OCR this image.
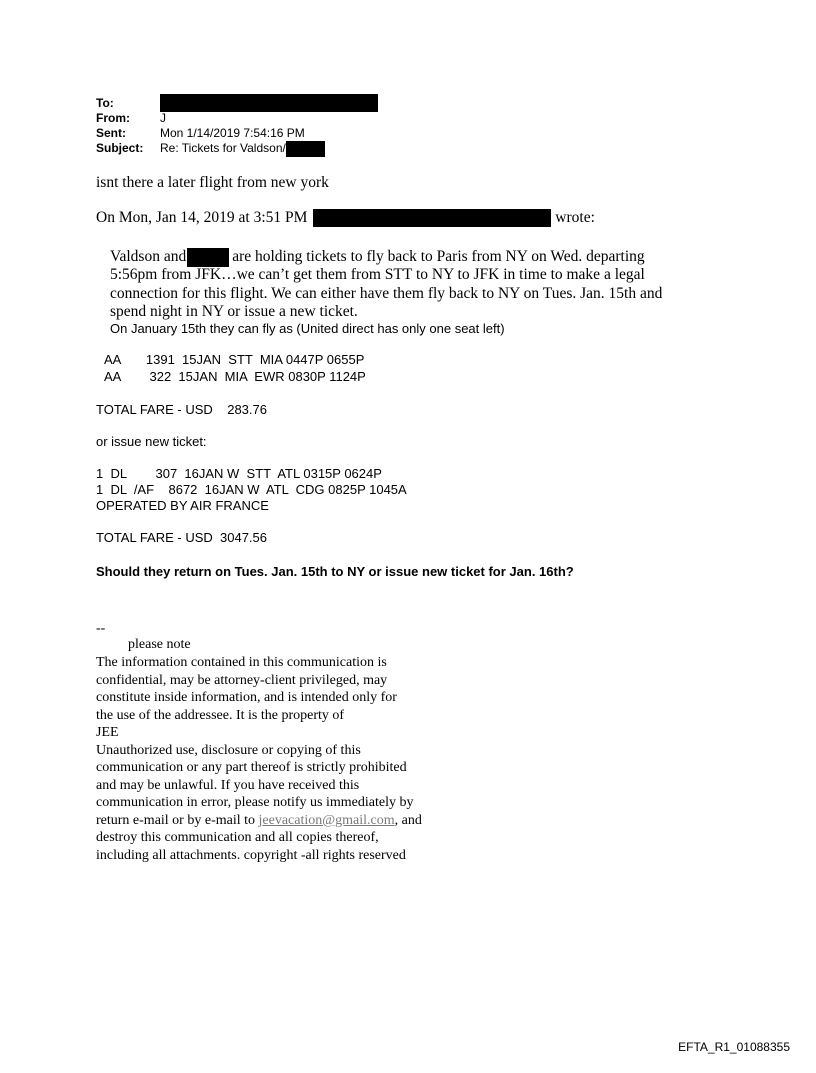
To:
From:	J
Sent:	Mon 1/14/2019 7:54:16 PM
Subject: Re: Tickets for Valdson/
isnt there a later flight from new york
On Mon, Jan 14, 2019 at 3:51 PM	wrote:
Valdson and	are holding tickets to fly back to Paris from NY on Wed. departing
5:56pm from JFK…we can’t get them from STT to NY to JFK in time to make a legal
connection for this flight. We can either have them fly back to NY on Tues. Jan. 15th and
spend night in NY or issue a new ticket.
On January 15th they can fly as (United direct has only one seat left)
AA       1391  15JAN  STT  MIA 0447P 0655P
AA        322  15JAN  MIA  EWR 0830P 1124P
TOTAL FARE - USD    283.76
or issue new ticket:
1  DL        307  16JAN W  STT  ATL 0315P 0624P
1  DL  /AF    8672  16JAN W  ATL  CDG 0825P 1045A
OPERATED BY AIR FRANCE
TOTAL FARE - USD  3047.56
Should they return on Tues. Jan. 15th to NY or issue new ticket for Jan. 16th?
--
please note
The information contained in this communication is
confidential, may be attorney-client privileged, may
constitute inside information, and is intended only for
the use of the addressee. It is the property of
JEE
Unauthorized use, disclosure or copying of this
communication or any part thereof is strictly prohibited
and may be unlawful. If you have received this
communication in error, please notify us immediately by
return e-mail or by e-mail to jeevacation@gmail.com, and
destroy this communication and all copies thereof,
including all attachments. copyright -all rights reserved
EFTA_R1_01088355
